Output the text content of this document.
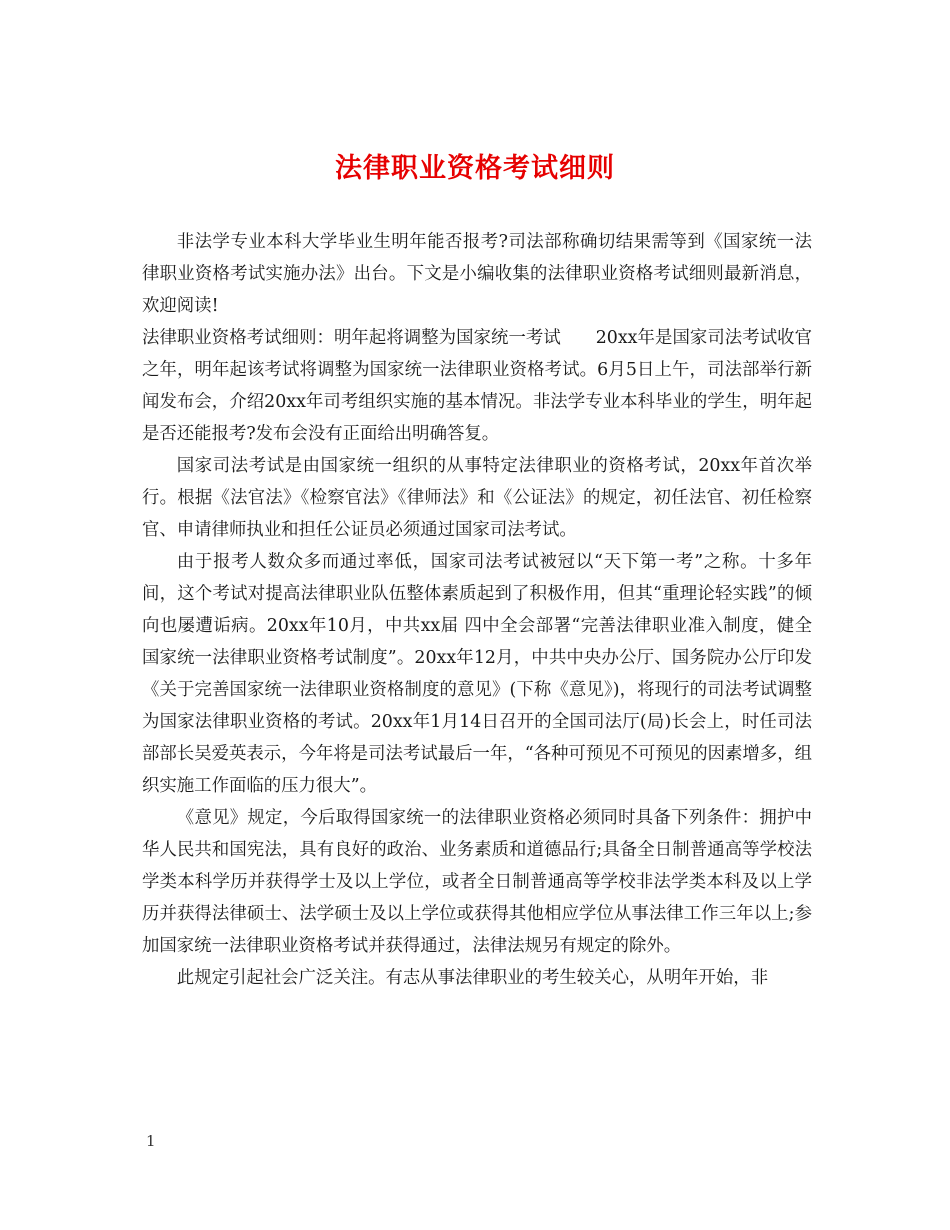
法律职业资格考试细则

非法学专业本科大学毕业生明年能否报考?司法部称确切结果需等到《国家统一法律职业资格考试实施办法》出台。下文是小编收集的法律职业资格考试细则最新消息，欢迎阅读!

法律职业资格考试细则：明年起将调整为国家统一考试　　20xx年是国家司法考试收官之年，明年起该考试将调整为国家统一法律职业资格考试。6月5日上午，司法部举行新闻发布会，介绍20xx年司考组织实施的基本情况。非法学专业本科毕业的学生，明年起是否还能报考?发布会没有正面给出明确答复。

国家司法考试是由国家统一组织的从事特定法律职业的资格考试，20xx年首次举行。根据《法官法》《检察官法》《律师法》和《公证法》的规定，初任法官、初任检察官、申请律师执业和担任公证员必须通过国家司法考试。

由于报考人数众多而通过率低，国家司法考试被冠以“天下第一考”之称。十多年间，这个考试对提高法律职业队伍整体素质起到了积极作用，但其“重理论轻实践”的倾向也屡遭诟病。20xx年10月，中共xx届 四中全会部署“完善法律职业准入制度，健全国家统一法律职业资格考试制度”。20xx年12月，中共中央办公厅、国务院办公厅印发《关于完善国家统一法律职业资格制度的意见》(下称《意见》)，将现行的司法考试调整为国家法律职业资格的考试。20xx年1月14日召开的全国司法厅(局)长会上，时任司法部部长吴爱英表示，今年将是司法考试最后一年，“各种可预见不可预见的因素增多，组织实施工作面临的压力很大”。

《意见》规定，今后取得国家统一的法律职业资格必须同时具备下列条件：拥护中华人民共和国宪法，具有良好的政治、业务素质和道德品行;具备全日制普通高等学校法学类本科学历并获得学士及以上学位，或者全日制普通高等学校非法学类本科及以上学历并获得法律硕士、法学硕士及以上学位或获得其他相应学位从事法律工作三年以上;参加国家统一法律职业资格考试并获得通过，法律法规另有规定的除外。

此规定引起社会广泛关注。有志从事法律职业的考生较关心，从明年开始，非

1
